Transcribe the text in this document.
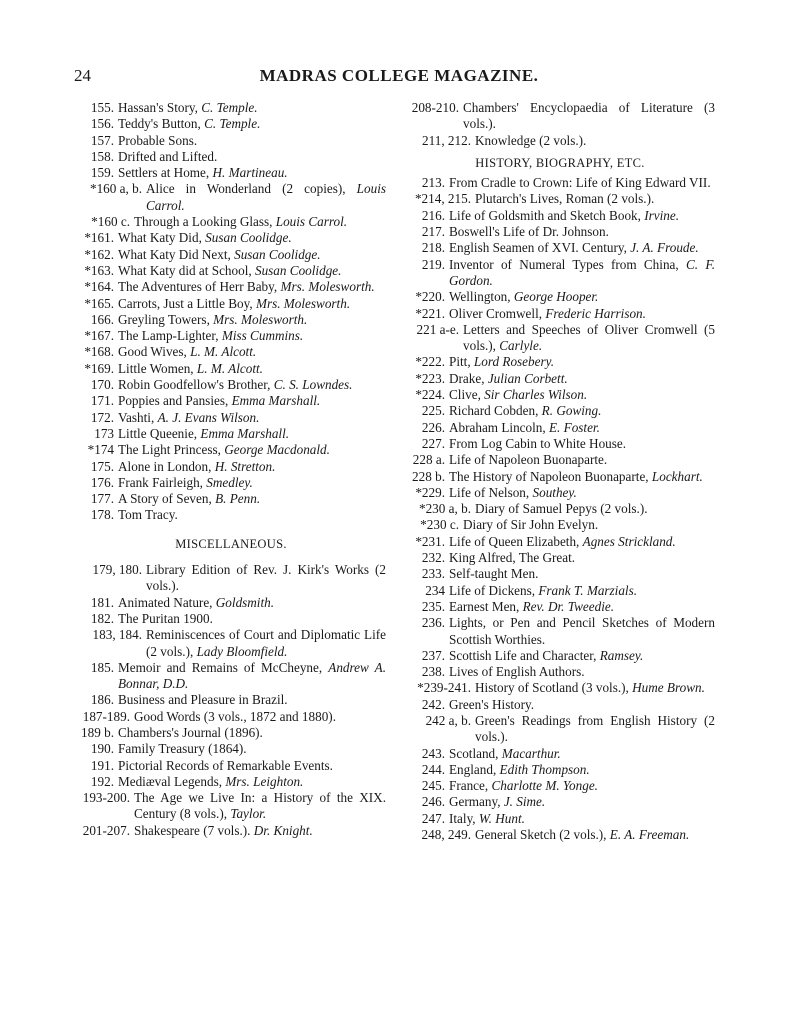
24	MADRAS COLLEGE MAGAZINE.
155. Hassan's Story, C. Temple.
156. Teddy's Button, C. Temple.
157. Probable Sons.
158. Drifted and Lifted.
159. Settlers at Home, H. Martineau.
*160 a, b. Alice in Wonderland (2 copies), Louis Carrol.
*160 c. Through a Looking Glass, Louis Carrol.
*161. What Katy Did, Susan Coolidge.
*162. What Katy Did Next, Susan Coolidge.
*163. What Katy did at School, Susan Coolidge.
*164. The Adventures of Herr Baby, Mrs. Molesworth.
*165. Carrots, Just a Little Boy, Mrs. Molesworth.
166. Greyling Towers, Mrs. Molesworth.
*167. The Lamp-Lighter, Miss Cummins.
*168. Good Wives, L. M. Alcott.
*169. Little Women, L. M. Alcott.
170. Robin Goodfellow's Brother, C. S. Lowndes.
171. Poppies and Pansies, Emma Marshall.
172. Vashti, A. J. Evans Wilson.
173 Little Queenie, Emma Marshall.
*174 The Light Princess, George Macdonald.
175. Alone in London, H. Stretton.
176. Frank Fairleigh, Smedley.
177. A Story of Seven, B. Penn.
178. Tom Tracy.
MISCELLANEOUS.
179, 180. Library Edition of Rev. J. Kirk's Works (2 vols.).
181. Animated Nature, Goldsmith.
182. The Puritan 1900.
183, 184. Reminiscences of Court and Diplomatic Life (2 vols.), Lady Bloomfield.
185. Memoir and Remains of McCheyne, Andrew A. Bonnar, D.D.
186. Business and Pleasure in Brazil.
187-189. Good Words (3 vols., 1872 and 1880).
189 b. Chambers's Journal (1896).
190. Family Treasury (1864).
191. Pictorial Records of Remarkable Events.
192. Mediæval Legends, Mrs. Leighton.
193-200. The Age we Live In: a History of the XIX. Century (8 vols.), Taylor.
201-207. Shakespeare (7 vols.). Dr. Knight.
208-210. Chambers' Encyclopaedia of Literature (3 vols.).
211, 212. Knowledge (2 vols.).
HISTORY, BIOGRAPHY, ETC.
213. From Cradle to Crown: Life of King Edward VII.
*214, 215. Plutarch's Lives, Roman (2 vols.).
216. Life of Goldsmith and Sketch Book, Irvine.
217. Boswell's Life of Dr. Johnson.
218. English Seamen of XVI. Century, J. A. Froude.
219. Inventor of Numeral Types from China, C. F. Gordon.
*220. Wellington, George Hooper.
*221. Oliver Cromwell, Frederic Harrison.
221 a-e. Letters and Speeches of Oliver Cromwell (5 vols.), Carlyle.
*222. Pitt, Lord Rosebery.
*223. Drake, Julian Corbett.
*224. Clive, Sir Charles Wilson.
225. Richard Cobden, R. Gowing.
226. Abraham Lincoln, E. Foster.
227. From Log Cabin to White House.
228 a. Life of Napoleon Buonaparte.
228 b. The History of Napoleon Buonaparte, Lockhart.
*229. Life of Nelson, Southey.
*230 a, b. Diary of Samuel Pepys (2 vols.).
*230 c. Diary of Sir John Evelyn.
*231. Life of Queen Elizabeth, Agnes Strickland.
232. King Alfred, The Great.
233. Self-taught Men.
234 Life of Dickens, Frank T. Marzials.
235. Earnest Men, Rev. Dr. Tweedie.
236. Lights, or Pen and Pencil Sketches of Modern Scottish Worthies.
237. Scottish Life and Character, Ramsey.
238. Lives of English Authors.
*239-241. History of Scotland (3 vols.), Hume Brown.
242. Green's History.
242 a, b. Green's Readings from English History (2 vols.).
243. Scotland, Macarthur.
244. England, Edith Thompson.
245. France, Charlotte M. Yonge.
246. Germany, J. Sime.
247. Italy, W. Hunt.
248, 249. General Sketch (2 vols.), E. A. Freeman.
